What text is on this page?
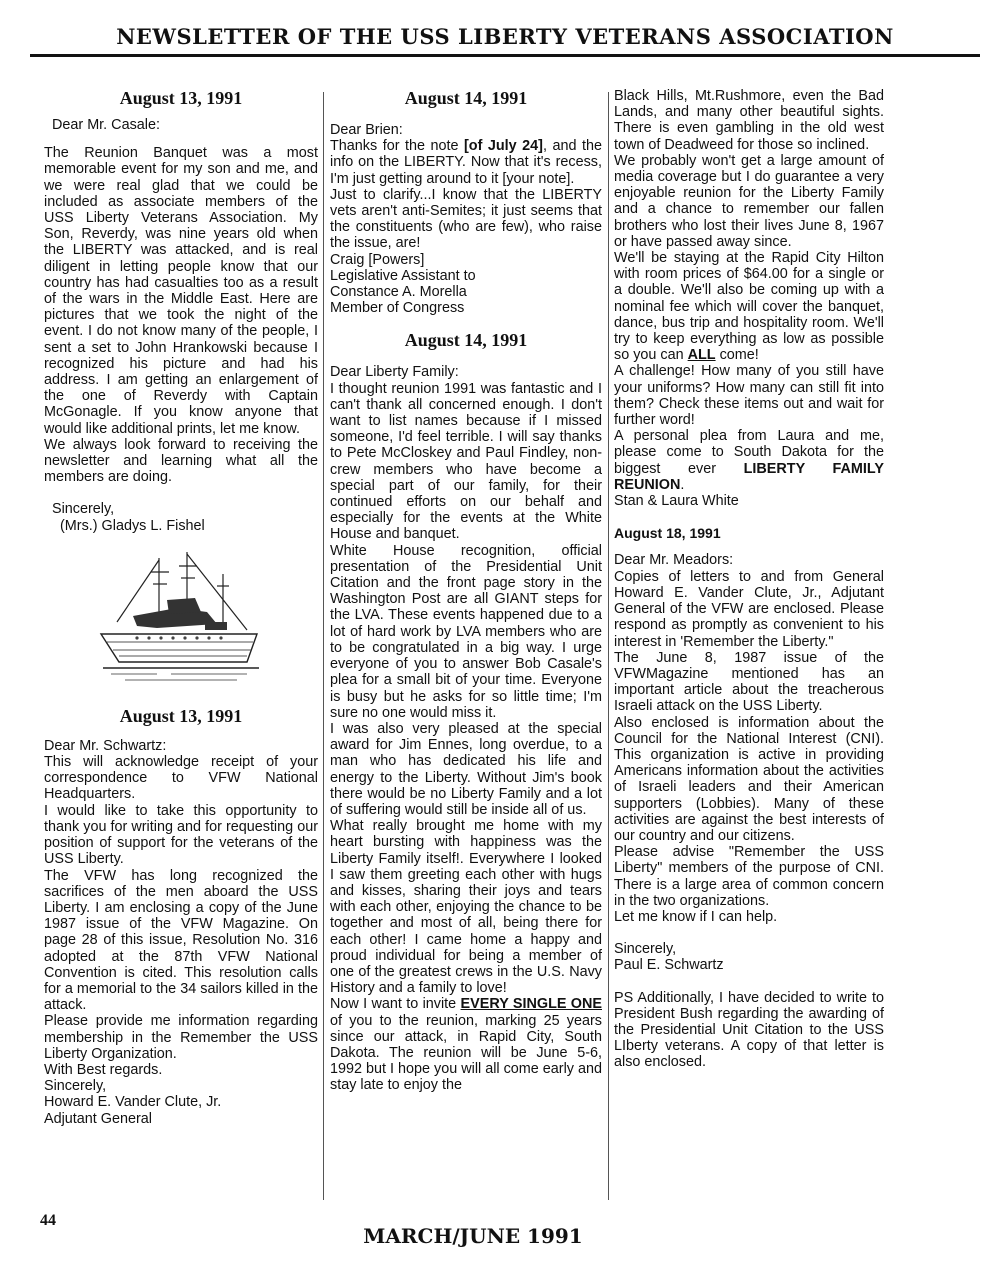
NEWSLETTER OF THE USS LIBERTY VETERANS ASSOCIATION
August 13, 1991

Dear Mr. Casale:

The Reunion Banquet was a most memorable event for my son and me, and we were real glad that we could be included as associate members of the USS Liberty Veterans Association. My Son, Reverdy, was nine years old when the LIBERTY was attacked, and is real diligent in letting people know that our country has had casualties too as a result of the wars in the Middle East. Here are pictures that we took the night of the event. I do not know many of the people, I sent a set to John Hrankowski because I recognized his picture and had his address. I am getting an enlargement of the one of Reverdy with Captain McGonagle. If you know anyone that would like additional prints, let me know.

We always look forward to receiving the newsletter and learning what all the members are doing.

Sincerely,

(Mrs.) Gladys L. Fishel

August 13, 1991

Dear Mr. Schwartz:

This will acknowledge receipt of your correspondence to VFW National Headquarters.

I would like to take this opportunity to thank you for writing and for requesting our position of support for the veterans of the USS Liberty.

The VFW has long recognized the sacrifices of the men aboard the USS Liberty. I am enclosing a copy of the June 1987 issue of the VFW Magazine. On page 28 of this issue, Resolution No. 316 adopted at the 87th VFW National Convention is cited. This resolution calls for a memorial to the 34 sailors killed in the attack.

Please provide me information regarding membership in the Remember the USS Liberty Organization.

With Best regards.

Sincerely,

Howard E. Vander Clute, Jr.

Adjutant General

August 14, 1991

Dear Brien:

Thanks for the note [of July 24], and the info on the LIBERTY. Now that it's recess, I'm just getting around to it [your note].

Just to clarify...I know that the LIBERTY vets aren't anti-Semites; it just seems that the constituents (who are few), who raise the issue, are!

Craig [Powers]

Legislative Assistant to

Constance A. Morella

Member of Congress

August 14, 1991

Dear Liberty Family:

I thought reunion 1991 was fantastic and I can't thank all concerned enough. I don't want to list names because if I missed someone, I'd feel terrible. I will say thanks to Pete McCloskey and Paul Findley, non-crew members who have become a special part of our family, for their continued efforts on our behalf and especially for the events at the White House and banquet.

White House recognition, official presentation of the Presidential Unit Citation and the front page story in the Washington Post are all GIANT steps for the LVA. These events happened due to a lot of hard work by LVA members who are to be congratulated in a big way. I urge everyone of you to answer Bob Casale's plea for a small bit of your time. Everyone is busy but he asks for so little time; I'm sure no one would miss it.

I was also very pleased at the special award for Jim Ennes, long overdue, to a man who has dedicated his life and energy to the Liberty. Without Jim's book there would be no Liberty Family and a lot of suffering would still be inside all of us.

What really brought me home with my heart bursting with happiness was the Liberty Family itself!. Everywhere I looked I saw them greeting each other with hugs and kisses, sharing their joys and tears with each other, enjoying the chance to be together and most of all, being there for each other! I came home a happy and proud individual for being a member of one of the greatest crews in the U.S. Navy History and a family to love!

Now I want to invite EVERY SINGLE ONE of you to the reunion, marking 25 years since our attack, in Rapid City, South Dakota. The reunion will be June 5-6, 1992 but I hope you will all come early and stay late to enjoy the

Black Hills, Mt.Rushmore, even the Bad Lands, and many other beautiful sights. There is even gambling in the old west town of Deadweed for those so inclined.

We probably won't get a large amount of media coverage but I do guarantee a very enjoyable reunion for the Liberty Family and a chance to remember our fallen brothers who lost their lives June 8, 1967 or have passed away since.

We'll be staying at the Rapid City Hilton with room prices of $64.00 for a single or a double. We'll also be coming up with a nominal fee which will cover the banquet, dance, bus trip and hospitality room. We'll try to keep everything as low as possible so you can ALL come!

A challenge! How many of you still have your uniforms? How many can still fit into them? Check these items out and wait for further word!

A personal plea from Laura and me, please come to South Dakota for the biggest ever LIBERTY FAMILY REUNION.

Stan & Laura White

August 18, 1991

Dear Mr. Meadors:

Copies of letters to and from General Howard E. Vander Clute, Jr., Adjutant General of the VFW are enclosed. Please respond as promptly as convenient to his interest in 'Remember the Liberty."

The June 8, 1987 issue of the VFWMagazine mentioned has an important article about the treacherous Israeli attack on the USS Liberty.

Also enclosed is information about the Council for the National Interest (CNI). This organization is active in providing Americans information about the activities of Israeli leaders and their American supporters (Lobbies). Many of these activities are against the best interests of our country and our citizens.

Please advise "Remember the USS Liberty" members of the purpose of CNI. There is a large area of common concern in the two organizations.

Let me know if I can help.

Sincerely,

Paul E. Schwartz

PS Additionally, I have decided to write to President Bush regarding the awarding of the Presidential Unit Citation to the USS LIberty veterans. A copy of that letter is also enclosed.

44
MARCH/JUNE 1991
